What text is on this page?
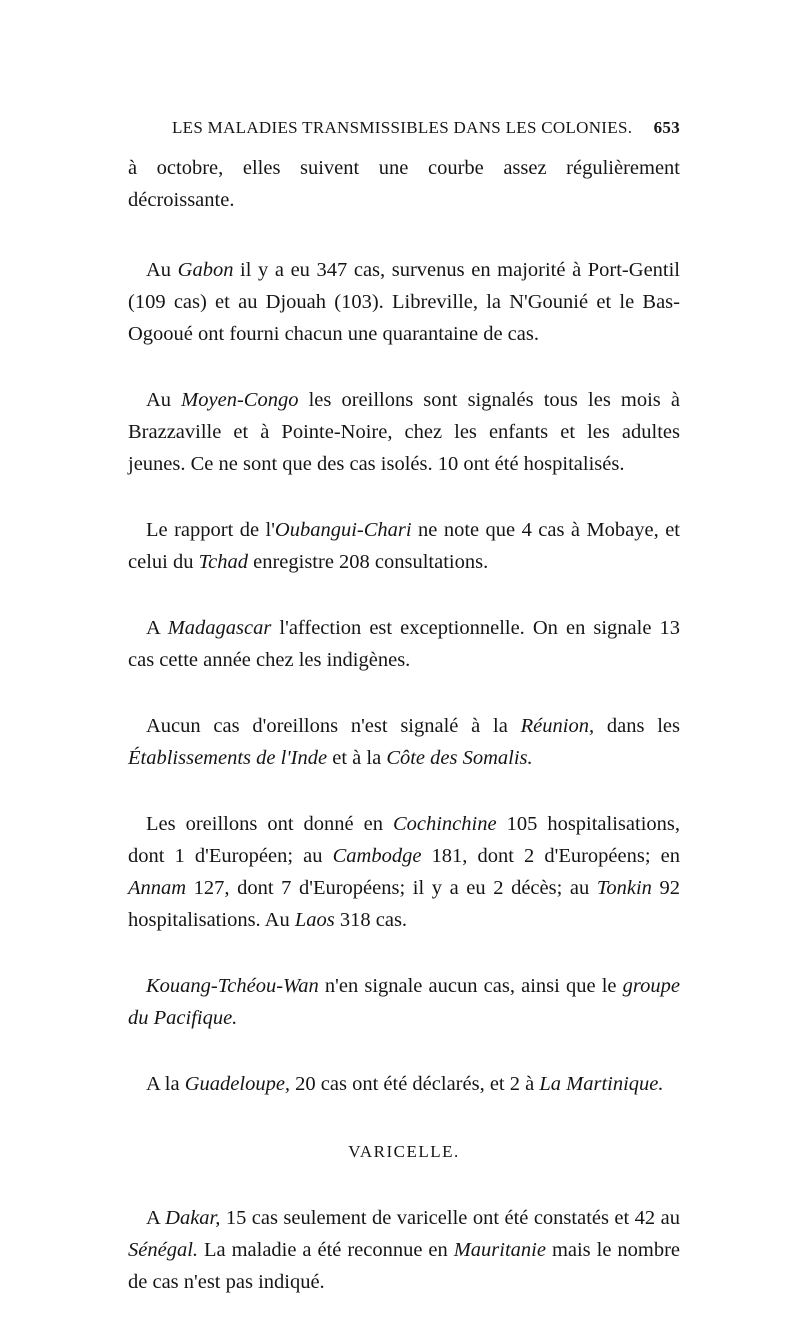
LES MALADIES TRANSMISSIBLES DANS LES COLONIES. 653

à octobre, elles suivent une courbe assez régulièrement décroissante.

Au Gabon il y a eu 347 cas, survenus en majorité à Port-Gentil (109 cas) et au Djouah (103). Libreville, la N'Gounié et le Bas-Ogooué ont fourni chacun une quarantaine de cas.

Au Moyen-Congo les oreillons sont signalés tous les mois à Brazzaville et à Pointe-Noire, chez les enfants et les adultes jeunes. Ce ne sont que des cas isolés. 10 ont été hospitalisés.

Le rapport de l'Oubangui-Chari ne note que 4 cas à Mobaye, et celui du Tchad enregistre 208 consultations.

A Madagascar l'affection est exceptionnelle. On en signale 13 cas cette année chez les indigènes.

Aucun cas d'oreillons n'est signalé à la Réunion, dans les Établissements de l'Inde et à la Côte des Somalis.

Les oreillons ont donné en Cochinchine 105 hospitalisations, dont 1 d'Européen; au Cambodge 181, dont 2 d'Européens; en Annam 127, dont 7 d'Européens; il y a eu 2 décès; au Tonkin 92 hospitalisations. Au Laos 318 cas.

Kouang-Tchéou-Wan n'en signale aucun cas, ainsi que le groupe du Pacifique.

A la Guadeloupe, 20 cas ont été déclarés, et 2 à La Martinique.

VARICELLE.

A Dakar, 15 cas seulement de varicelle ont été constatés et 42 au Sénégal. La maladie a été reconnue en Mauritanie mais le nombre de cas n'est pas indiqué.
